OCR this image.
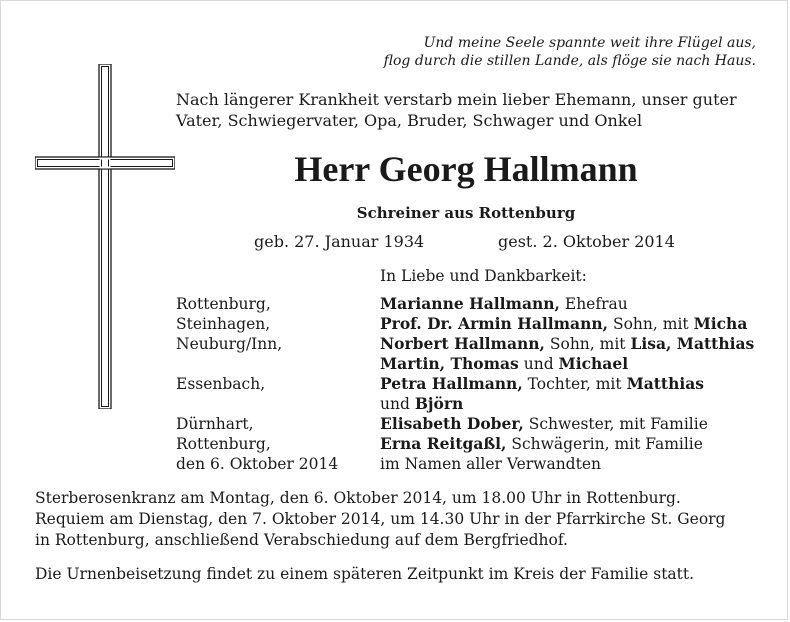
Und meine Seele spannte weit ihre Flügel aus,
flog durch die stillen Lande, als flöge sie nach Haus.
Nach längerer Krankheit verstarb mein lieber Ehemann, unser guter
Vater, Schwiegervater, Opa, Bruder, Schwager und Onkel
Herr Georg Hallmann
Schreiner aus Rottenburg
geb. 27. Januar 1934	gest. 2. Oktober 2014
In Liebe und Dankbarkeit:
Rottenburg,
Steinhagen,
Neuburg/Inn,
Essenbach,
Dürnhart,
Rottenburg,
den 6. Oktober 2014
Marianne Hallmann, Ehefrau
Prof. Dr. Armin Hallmann, Sohn, mit Micha
Norbert Hallmann, Sohn, mit Lisa, Matthias
Martin, Thomas und Michael
Petra Hallmann, Tochter, mit Matthias
und Björn
Elisabeth Dober, Schwester, mit Familie
Erna Reitgaßl, Schwägerin, mit Familie
im Namen aller Verwandten
Sterberosenkranz am Montag, den 6. Oktober 2014, um 18.00 Uhr in Rottenburg.
Requiem am Dienstag, den 7. Oktober 2014, um 14.30 Uhr in der Pfarrkirche St. Georg
in Rottenburg, anschließend Verabschiedung auf dem Bergfriedhof.
Die Urnenbeisetzung findet zu einem späteren Zeitpunkt im Kreis der Familie statt.
